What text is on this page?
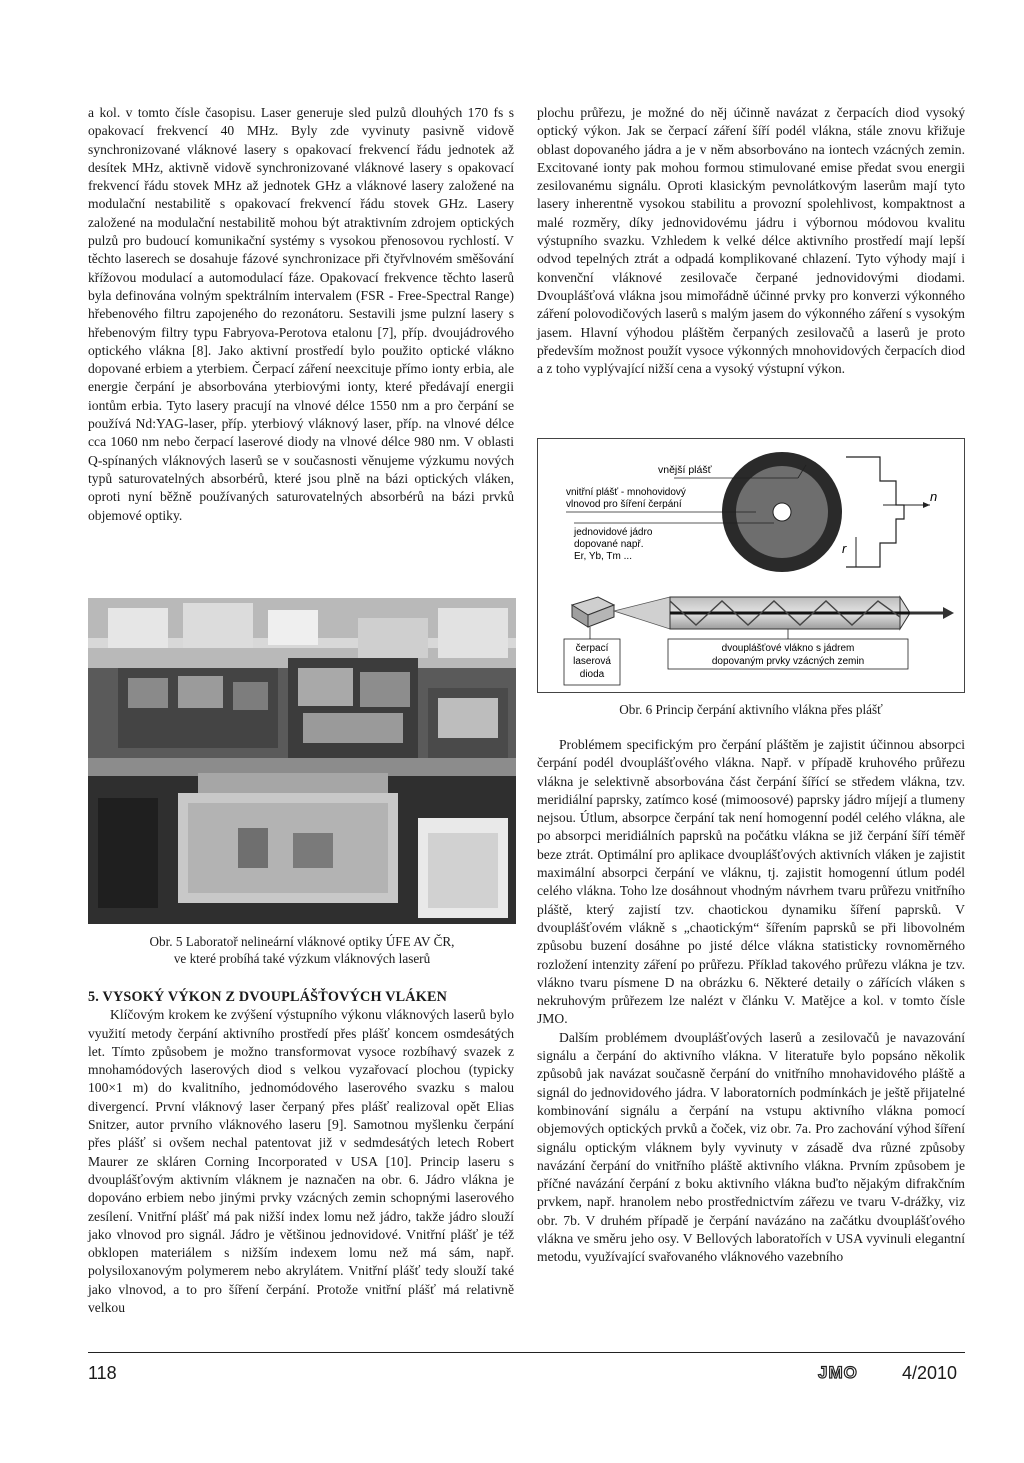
a kol. v tomto čísle časopisu. Laser generuje sled pulzů dlouhých 170 fs s opakovací frekvencí 40 MHz. Byly zde vyvinuty pasivně vidově synchronizované vláknové lasery s opakovací frekvencí řádu jednotek až desítek MHz, aktivně vidově synchronizované vláknové lasery s opakovací frekvencí řádu stovek MHz až jednotek GHz a vláknové lasery založené na modulační nestabilitě s opakovací frekvencí řádu stovek GHz. Lasery založené na modulační nestabilitě mohou být atraktivním zdrojem optických pulzů pro budoucí komunikační systémy s vysokou přenosovou rychlostí. V těchto laserech se dosahuje fázové synchronizace při čtyřvlnovém směšování křížovou modulací a automodulací fáze. Opakovací frekvence těchto laserů byla definována volným spektrálním intervalem (FSR - Free-Spectral Range) hřebenového filtru zapojeného do rezonátoru. Sestavili jsme pulzní lasery s hřebenovým filtry typu Fabryova-Perotova etalonu [7], příp. dvoujádrového optického vlákna [8]. Jako aktivní prostředí bylo použito optické vlákno dopované erbiem a yterbiem. Čerpací záření neexcituje přímo ionty erbia, ale energie čerpání je absorbována yterbiovými ionty, které předávají energii iontům erbia. Tyto lasery pracují na vlnové délce 1550 nm a pro čerpání se používá Nd:YAG-laser, příp. yterbiový vláknový laser, příp. na vlnové délce cca 1060 nm nebo čerpací laserové diody na vlnové délce 980 nm. V oblasti Q-spínaných vláknových laserů se v současnosti věnujeme výzkumu nových typů saturovatelných absorbérů, které jsou plně na bázi optických vláken, oproti nyní běžně používaných saturovatelných absorbérů na bázi prvků objemové optiky.

Obr. 5 Laboratoř nelineární vláknové optiky ÚFE AV ČR,
ve které probíhá také výzkum vláknových laserů

5. VYSOKÝ VÝKON Z DVOUPLÁŠŤOVÝCH VLÁKEN

Klíčovým krokem ke zvýšení výstupního výkonu vláknových laserů bylo využití metody čerpání aktivního prostředí přes plášť koncem osmdesátých let. Tímto způsobem je možno transformovat vysoce rozbíhavý svazek z mnohamódových laserových diod s velkou vyzařovací plochou (typicky 100×1 m) do kvalitního, jednomódového laserového svazku s malou divergencí. První vláknový laser čerpaný přes plášť realizoval opět Elias Snitzer, autor prvního vláknového laseru [9]. Samotnou myšlenku čerpání přes plášť si ovšem nechal patentovat již v sedmdesátých letech Robert Maurer ze skláren Corning Incorporated v USA [10]. Princip laseru s dvouplášťovým aktivním vláknem je naznačen na obr. 6. Jádro vlákna je dopováno erbiem nebo jinými prvky vzácných zemin schopnými laserového zesílení. Vnitřní plášť má pak nižší index lomu než jádro, takže jádro slouží jako vlnovod pro signál. Jádro je většinou jednovidové. Vnitřní plášť je též obklopen materiálem s nižším indexem lomu než má sám, např. polysiloxanovým polymerem nebo akrylátem. Vnitřní plášť tedy slouží také jako vlnovod, a to pro šíření čerpání. Protože vnitřní plášť má relativně velkou

plochu průřezu, je možné do něj účinně navázat z čerpacích diod vysoký optický výkon. Jak se čerpací záření šíří podél vlákna, stále znovu křižuje oblast dopovaného jádra a je v něm absorbováno na iontech vzácných zemin. Excitované ionty pak mohou formou stimulované emise předat svou energii zesilovanému signálu. Oproti klasickým pevnolátkovým laserům mají tyto lasery inherentně vysokou stabilitu a provozní spolehlivost, kompaktnost a malé rozměry, díky jednovidovému jádru i výbornou módovou kvalitu výstupního svazku. Vzhledem k velké délce aktivního prostředí mají lepší odvod tepelných ztrát a odpadá komplikované chlazení. Tyto výhody mají i konvenční vláknové zesilovače čerpané jednovidovými diodami. Dvouplášťová vlákna jsou mimořádně účinné prvky pro konverzi výkonného záření polovodičových laserů s malým jasem do výkonného záření s vysokým jasem. Hlavní výhodou pláštěm čerpaných zesilovačů a laserů je proto především možnost použít vysoce výkonných mnohovidových čerpacích diod a z toho vyplývající nižší cena a vysoký výstupní výkon.

n
r
vnější plášť
vnitřní plášť - mnohovidový
vlnovod pro šíření čerpání
jednovidové jádro
dopované např.
Er, Yb, Tm ...
čerpací
laserová
dioda
dvouplášťové vlákno s jádrem
dopovaným prvky vzácných zemin
Obr. 6 Princip čerpání aktivního vlákna přes plášť

Problémem specifickým pro čerpání pláštěm je zajistit účinnou absorpci čerpání podél dvouplášťového vlákna. Např. v případě kruhového průřezu vlákna je selektivně absorbována část čerpání šířící se středem vlákna, tzv. meridiální paprsky, zatímco kosé (mimoosové) paprsky jádro míjejí a tlumeny nejsou. Útlum, absorpce čerpání tak není homogenní podél celého vlákna, ale po absorpci meridiálních paprsků na počátku vlákna se již čerpání šíří téměř beze ztrát. Optimální pro aplikace dvouplášťových aktivních vláken je zajistit maximální absorpci čerpání ve vláknu, tj. zajistit homogenní útlum podél celého vlákna. Toho lze dosáhnout vhodným návrhem tvaru průřezu vnitřního pláště, který zajistí tzv. chaotickou dynamiku šíření paprsků. V dvouplášťovém vlákně s „chaotickým“ šířením paprsků se při libovolném způsobu buzení dosáhne po jisté délce vlákna statisticky rovnoměrného rozložení intenzity záření po průřezu. Příklad takového průřezu vlákna je tzv. vlákno tvaru písmene D na obrázku 6. Některé detaily o zářících vláken s nekruhovým průřezem lze nalézt v článku V. Matějce a kol. v tomto čísle JMO.

Dalším problémem dvouplášťových laserů a zesilovačů je navazování signálu a čerpání do aktivního vlákna. V literatuře bylo popsáno několik způsobů jak navázat současně čerpání do vnitřního mnohavidového pláště a signál do jednovidového jádra. V laboratorních podmínkách je ještě přijatelné kombinování signálu a čerpání na vstupu aktivního vlákna pomocí objemových optických prvků a čoček, viz obr. 7a. Pro zachování výhod šíření signálu optickým vláknem byly vyvinuty v zásadě dva různé způsoby navázání čerpání do vnitřního pláště aktivního vlákna. Prvním způsobem je příčné navázání čerpání z boku aktivního vlákna buďto nějakým difrakčním prvkem, např. hranolem nebo prostřednictvím zářezu ve tvaru V-drážky, viz obr. 7b. V druhém případě je čerpání navázáno na začátku dvouplášťového vlákna ve směru jeho osy. V Bellových laboratořích v USA vyvinuli elegantní metodu, využívající svařovaného vláknového vazebního

118	JMO 4/2010
